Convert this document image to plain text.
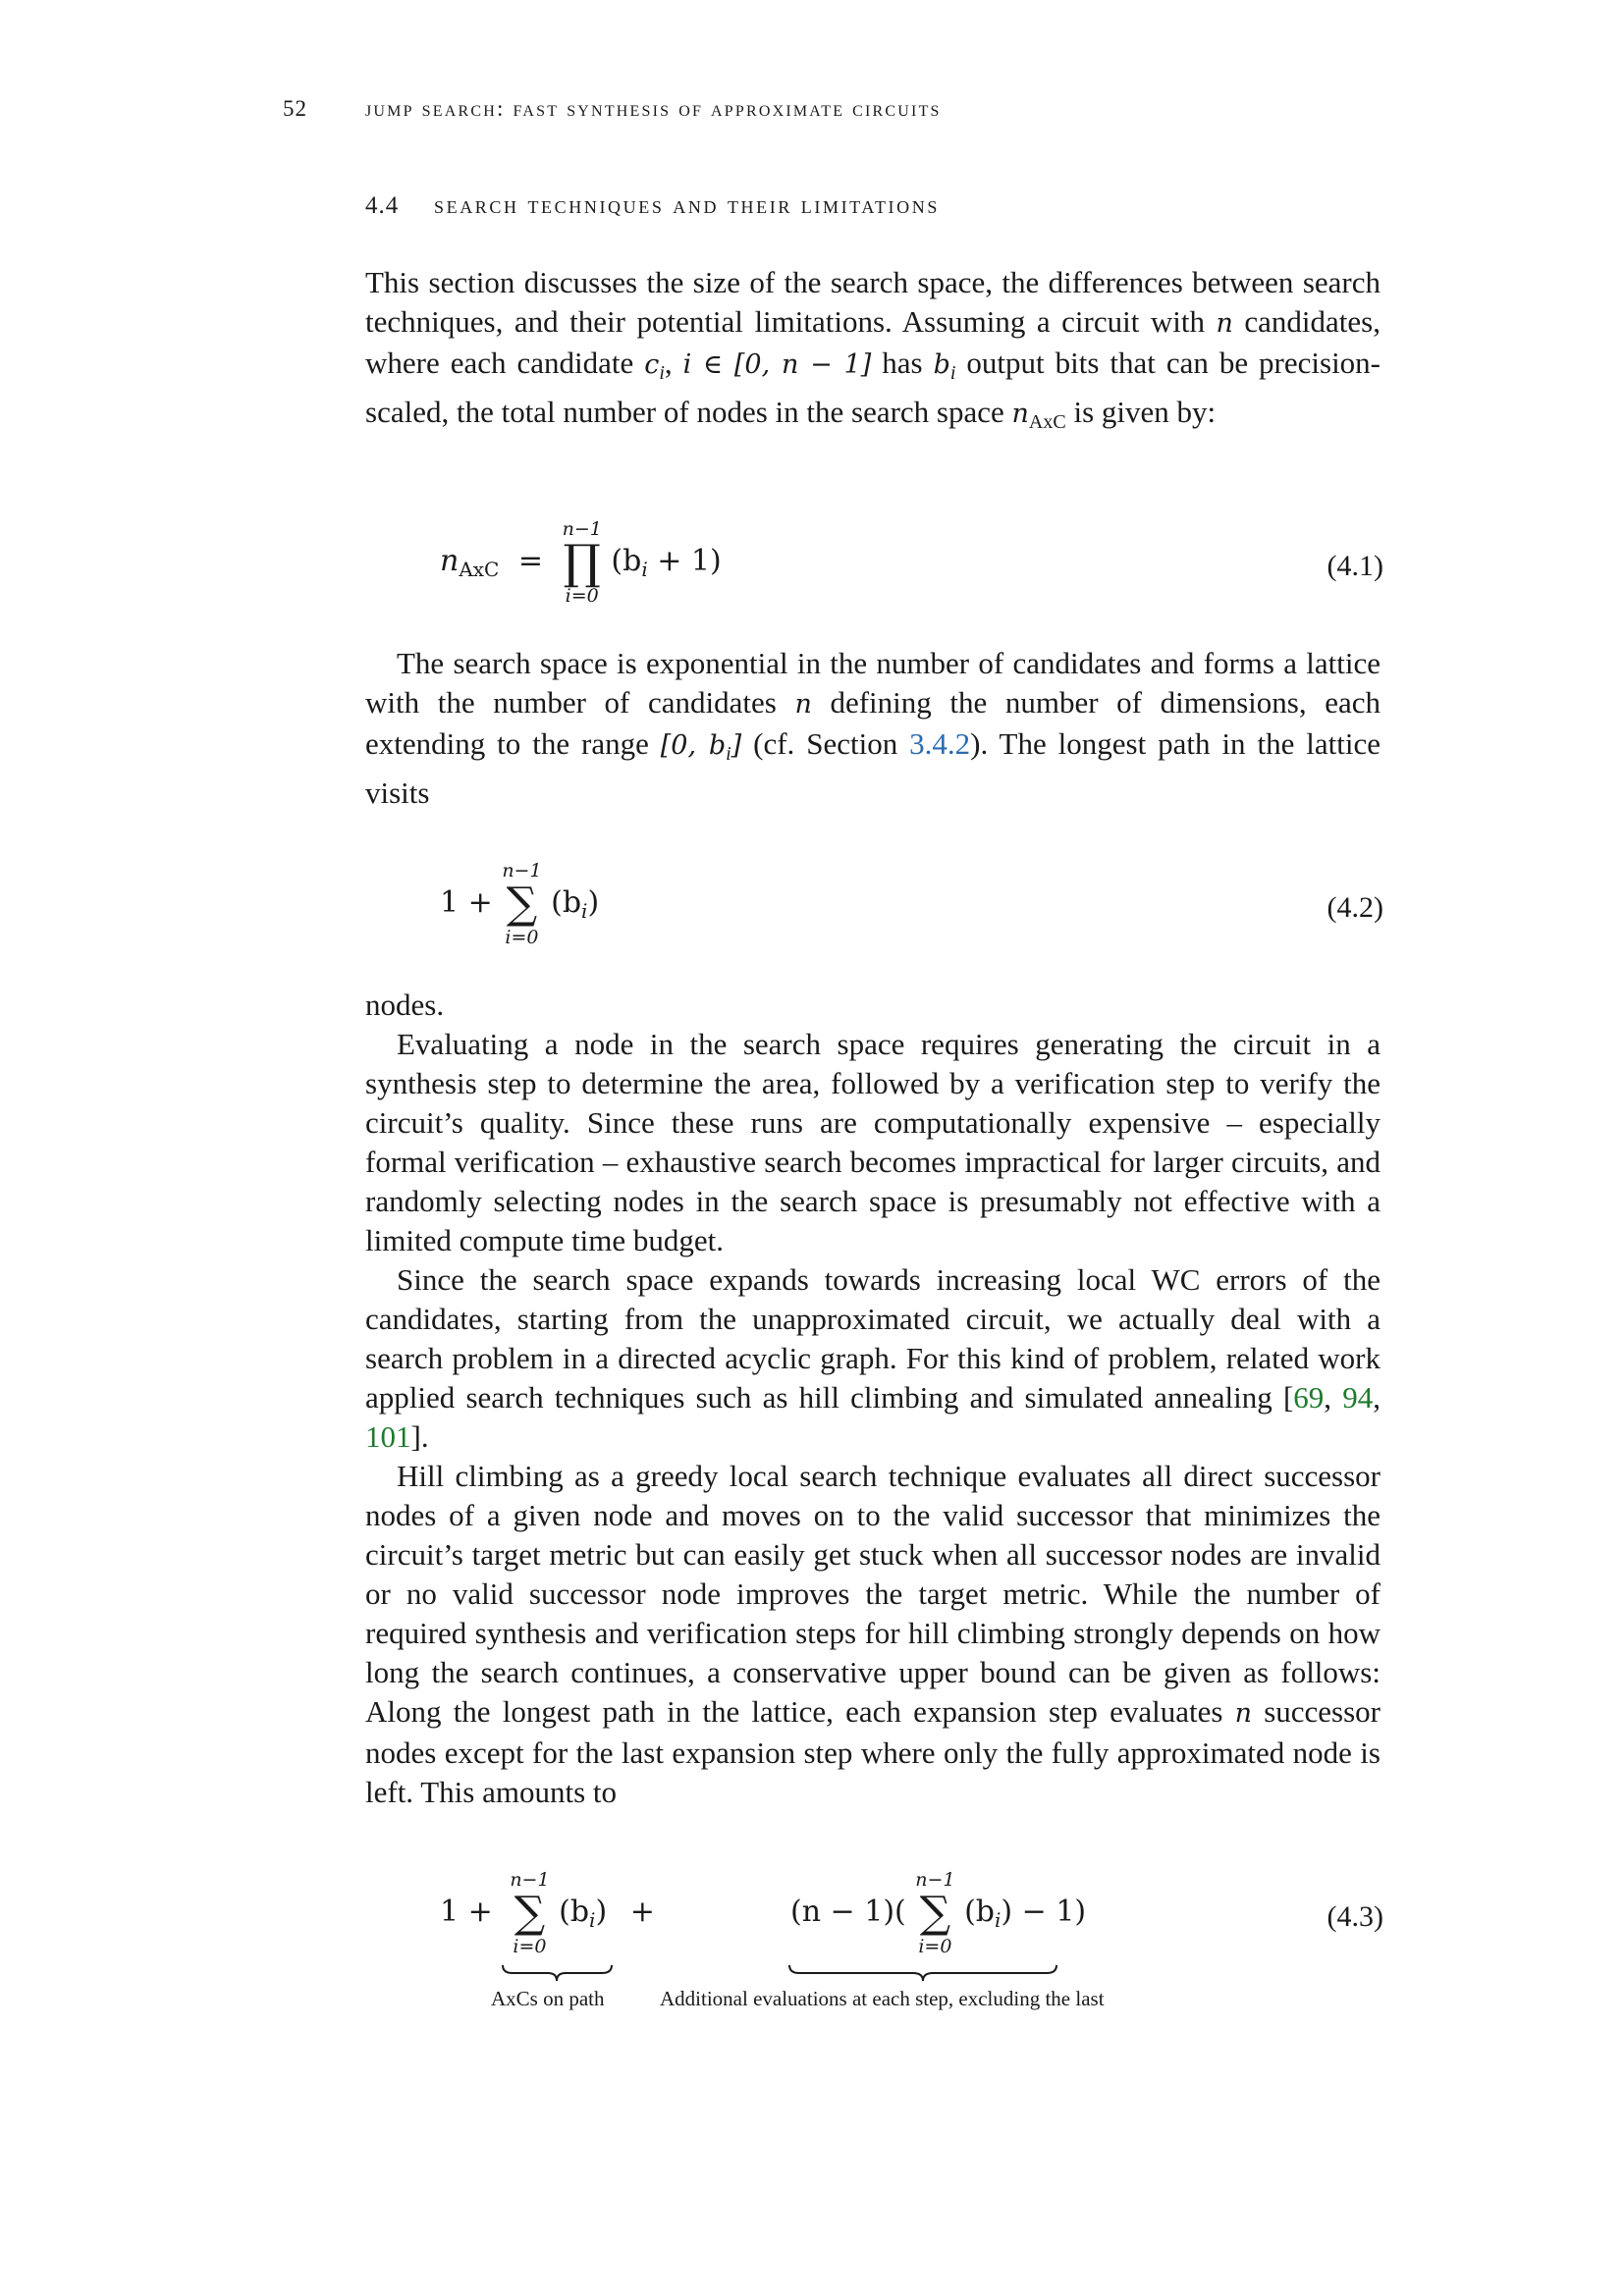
52	jump search: fast synthesis of approximate circuits
4.4 search techniques and their limitations

This section discusses the size of the search space, the differences between search techniques, and their potential limitations. Assuming a circuit with n candidates, where each candidate $c_i$, i ∈ [0, n − 1] has $b_i$ output bits that can be precision-scaled, the total number of nodes in the search space $n_{AxC}$ is given by:

$n_{AxC}$ =
n−1
∏
i=0
$(b_i + 1)$	(4.1)

The search space is exponential in the number of candidates and forms a lattice with the number of candidates n defining the number of dimensions, each extending to the range [0, $b_i$] (cf. Section 3.4.2). The longest path in the lattice visits

1 +
n−1
∑
i=0
$(b_i)$	(4.2)

nodes.

Evaluating a node in the search space requires generating the circuit in a synthesis step to determine the area, followed by a verification step to verify the circuit’s quality. Since these runs are computationally expensive – especially formal verification – exhaustive search becomes impractical for larger circuits, and randomly selecting nodes in the search space is presumably not effective with a limited compute time budget.

Since the search space expands towards increasing local WC errors of the candidates, starting from the unapproximated circuit, we actually deal with a search problem in a directed acyclic graph. For this kind of problem, related work applied search techniques such as hill climbing and simulated annealing [69, 94, 101].

Hill climbing as a greedy local search technique evaluates all direct successor nodes of a given node and moves on to the valid successor that minimizes the circuit’s target metric but can easily get stuck when all successor nodes are invalid or no valid successor node improves the target metric. While the number of required synthesis and verification steps for hill climbing strongly depends on how long the search continues, a conservative upper bound can be given as follows: Along the longest path in the lattice, each expansion step evaluates n successor nodes except for the last expansion step where only the fully approximated node is left. This amounts to

1 +
n−1
∑
i=0
$(b_i)$ +	(n − 1)(
n−1
∑
i=0
$(b_i) - 1$)	(4.3)
AxCs on path	Additional evaluations at each step, excluding the last
